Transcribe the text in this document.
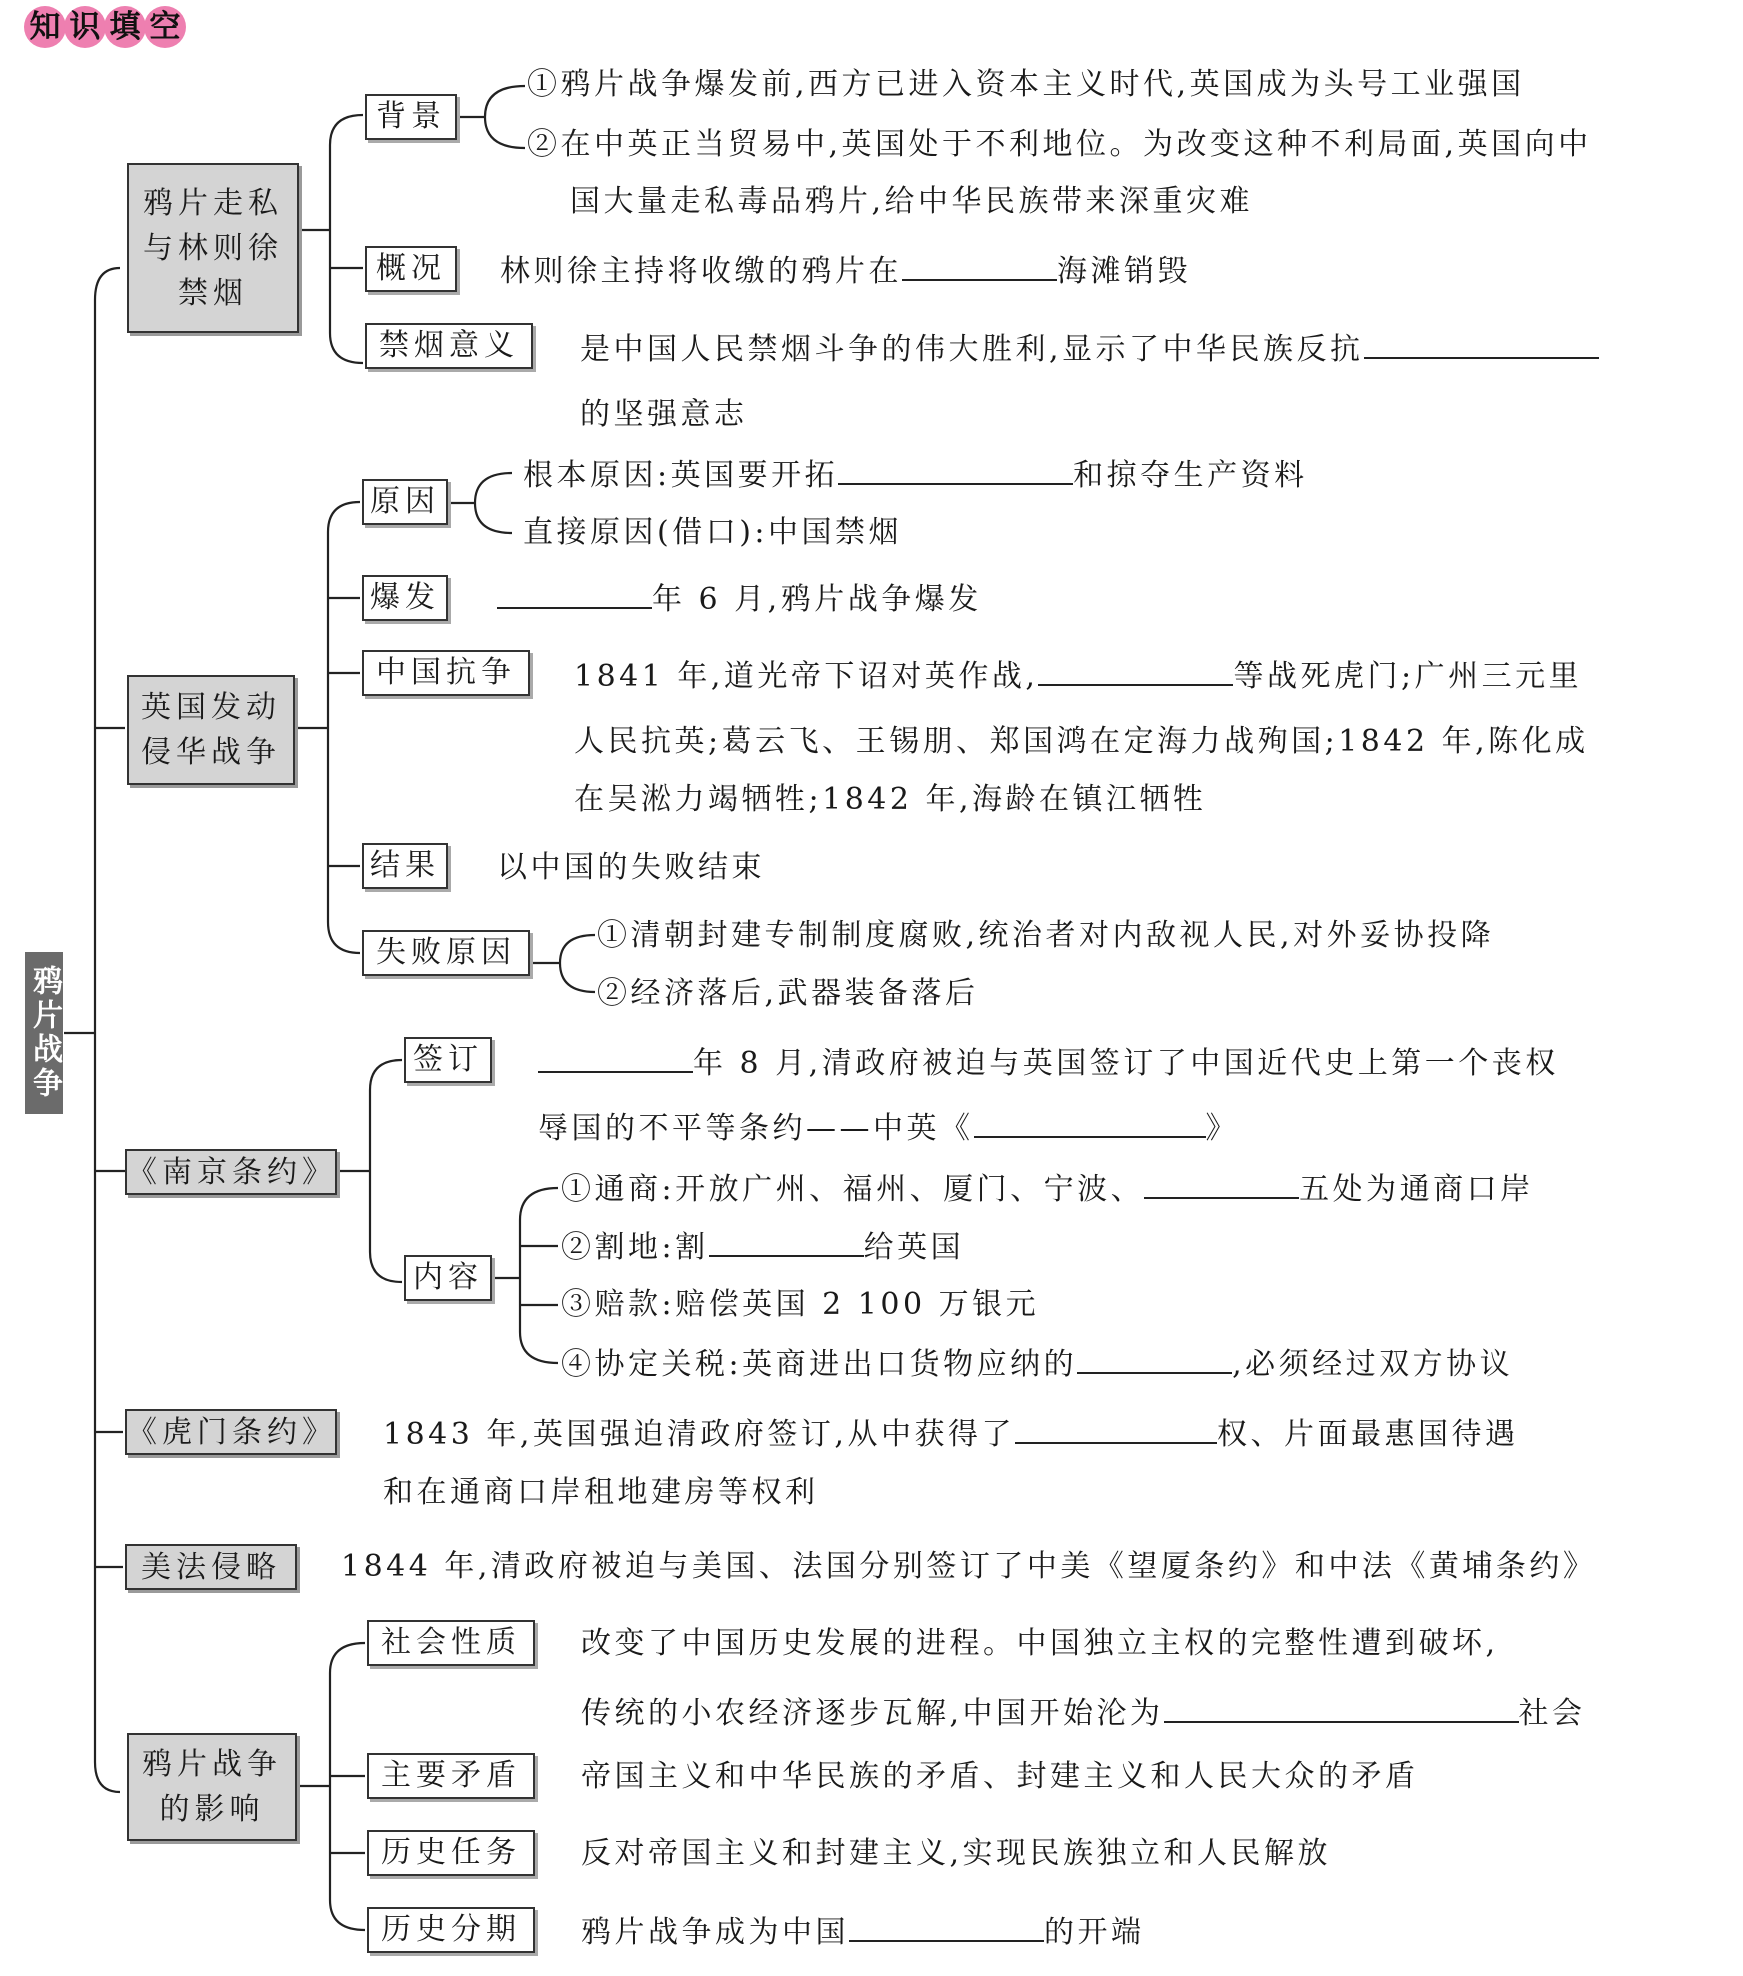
知 识 填 空
鸦片战争
鸦片走私
与林则徐
禁烟
背景
①鸦片战争爆发前,西方已进入资本主义时代,英国成为头号工业强国
②在中英正当贸易中,英国处于不利地位。为改变这种不利局面,英国向中
国大量走私毒品鸦片,给中华民族带来深重灾难
概况	林则徐主持将收缴的鸦片在	海滩销毁
禁烟意义	是中国人民禁烟斗争的伟大胜利,显示了中华民族反抗
的坚强意志
英国发动
侵华战争
原因
根本原因:英国要开拓	和掠夺生产资料
直接原因(借口):中国禁烟
爆发	年 6 月,鸦片战争爆发
中国抗争	1841 年,道光帝下诏对英作战,	等战死虎门;广州三元里
人民抗英;葛云飞、王锡朋、郑国鸿在定海力战殉国;1842 年,陈化成
在吴淞力竭牺牲;1842 年,海龄在镇江牺牲
结果 以中国的失败结束
失败原因	①清朝封建专制制度腐败,统治者对内敌视人民,对外妥协投降
②经济落后,武器装备落后
《南京条约》
签订	年 8 月,清政府被迫与英国签订了中国近代史上第一个丧权
辱国的不平等条约——中英《	》
内容
①通商:开放广州、福州、厦门、宁波、	五处为通商口岸
②割地:割	给英国
③赔款:赔偿英国 2 100 万银元
④协定关税:英商进出口货物应纳的	,必须经过双方协议
《虎门条约》 1843 年,英国强迫清政府签订,从中获得了	权、片面最惠国待遇
和在通商口岸租地建房等权利
美法侵略	1844 年,清政府被迫与美国、法国分别签订了中美《望厦条约》和中法《黄埔条约》
鸦片战争
的影响
社会性质	改变了中国历史发展的进程。中国独立主权的完整性遭到破坏,
传统的小农经济逐步瓦解,中国开始沦为	社会
主要矛盾	帝国主义和中华民族的矛盾、封建主义和人民大众的矛盾
历史任务	反对帝国主义和封建主义,实现民族独立和人民解放
历史分期	鸦片战争成为中国	的开端
